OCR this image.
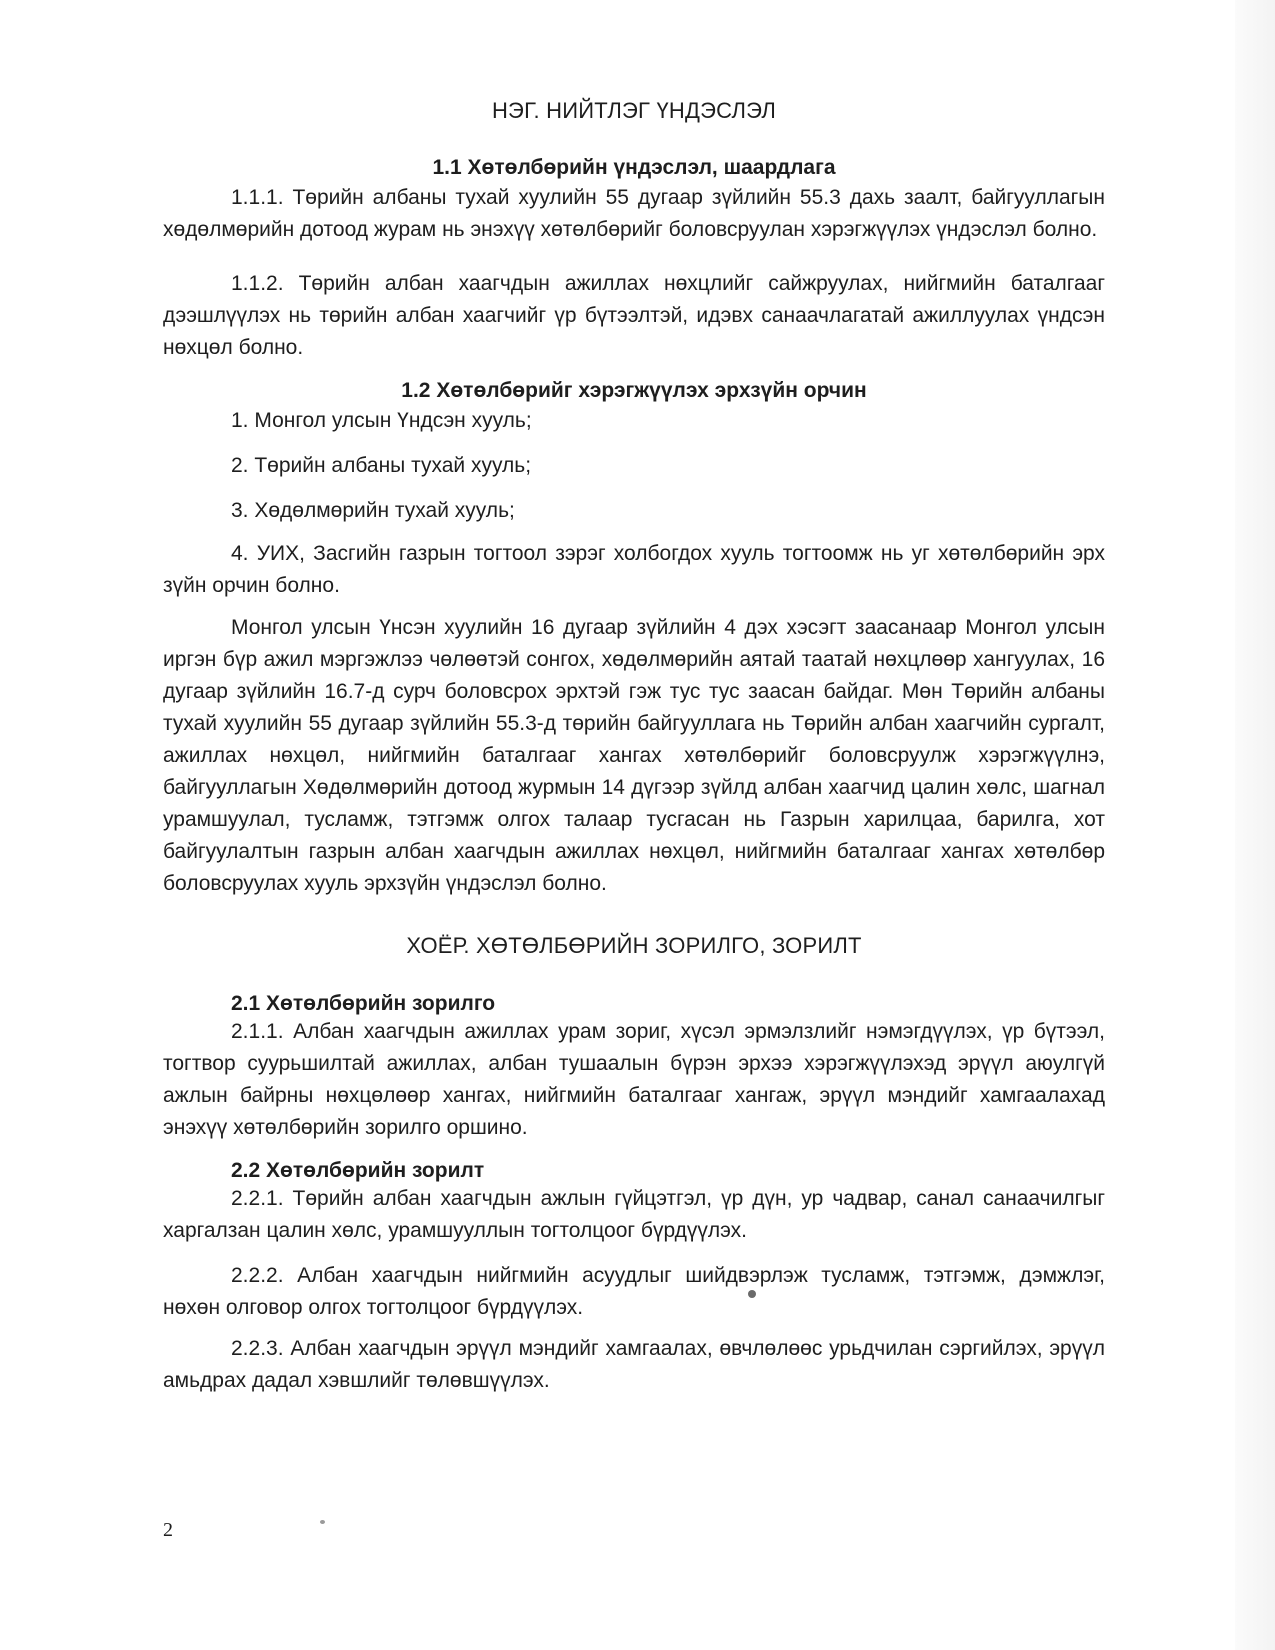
НЭГ. НИЙТЛЭГ ҮНДЭСЛЭЛ
1.1 Хөтөлбөрийн үндэслэл, шаардлага

1.1.1. Төрийн албаны тухай хуулийн 55 дугаар зүйлийн 55.3 дахь заалт, байгууллагын хөдөлмөрийн дотоод журам нь энэхүү хөтөлбөрийг боловсруулан хэрэгжүүлэх үндэслэл болно.

1.1.2. Төрийн албан хаагчдын ажиллах нөхцлийг сайжруулах, нийгмийн баталгааг дээшлүүлэх нь төрийн албан хаагчийг үр бүтээлтэй, идэвх санаачлагатай ажиллуулах үндсэн нөхцөл болно.

1.2 Хөтөлбөрийг хэрэгжүүлэх эрхзүйн орчин

1. Монгол улсын Үндсэн хууль;

2. Төрийн албаны тухай хууль;

3. Хөдөлмөрийн тухай хууль;

4. УИХ, Засгийн газрын тогтоол зэрэг холбогдох хууль тогтоомж нь уг хөтөлбөрийн эрх зүйн орчин болно.

Монгол улсын Үнсэн хуулийн 16 дугаар зүйлийн 4 дэх хэсэгт заасанаар Монгол улсын иргэн бүр ажил мэргэжлээ чөлөөтэй сонгох, хөдөлмөрийн аятай таатай нөхцлөөр хангуулах, 16 дугаар зүйлийн 16.7-д сурч боловсрох эрхтэй гэж тус тус заасан байдаг. Мөн Төрийн албаны тухай хуулийн 55 дугаар зүйлийн 55.3-д төрийн байгууллага нь Төрийн албан хаагчийн сургалт, ажиллах нөхцөл, нийгмийн баталгааг хангах хөтөлбөрийг боловсруулж хэрэгжүүлнэ, байгууллагын Хөдөлмөрийн дотоод журмын 14 дүгээр зүйлд албан хаагчид цалин хөлс, шагнал урамшуулал, тусламж, тэтгэмж олгох талаар тусгасан нь Газрын харилцаа, барилга, хот байгуулалтын газрын албан хаагчдын ажиллах нөхцөл, нийгмийн баталгааг хангах хөтөлбөр боловсруулах хууль эрхзүйн үндэслэл болно.

ХОЁР. ХӨТӨЛБӨРИЙН ЗОРИЛГО, ЗОРИЛТ
2.1 Хөтөлбөрийн зорилго

2.1.1. Албан хаагчдын ажиллах урам зориг, хүсэл эрмэлзлийг нэмэгдүүлэх, үр бүтээл, тогтвор суурьшилтай ажиллах, албан тушаалын бүрэн эрхээ хэрэгжүүлэхэд эрүүл аюулгүй ажлын байрны нөхцөлөөр хангах, нийгмийн баталгааг хангаж, эрүүл мэндийг хамгаалахад энэхүү хөтөлбөрийн зорилго оршино.

2.2 Хөтөлбөрийн зорилт

2.2.1. Төрийн албан хаагчдын ажлын гүйцэтгэл, үр дүн, ур чадвар, санал санаачилгыг харгалзан цалин хөлс, урамшууллын тогтолцоог бүрдүүлэх.

2.2.2. Албан хаагчдын нийгмийн асуудлыг шийдвэрлэж тусламж, тэтгэмж, дэмжлэг, нөхөн олговор олгох тогтолцоог бүрдүүлэх.

2.2.3. Албан хаагчдын эрүүл мэндийг хамгаалах, өвчлөлөөс урьдчилан сэргийлэх, эрүүл амьдрах дадал хэвшлийг төлөвшүүлэх.

2
